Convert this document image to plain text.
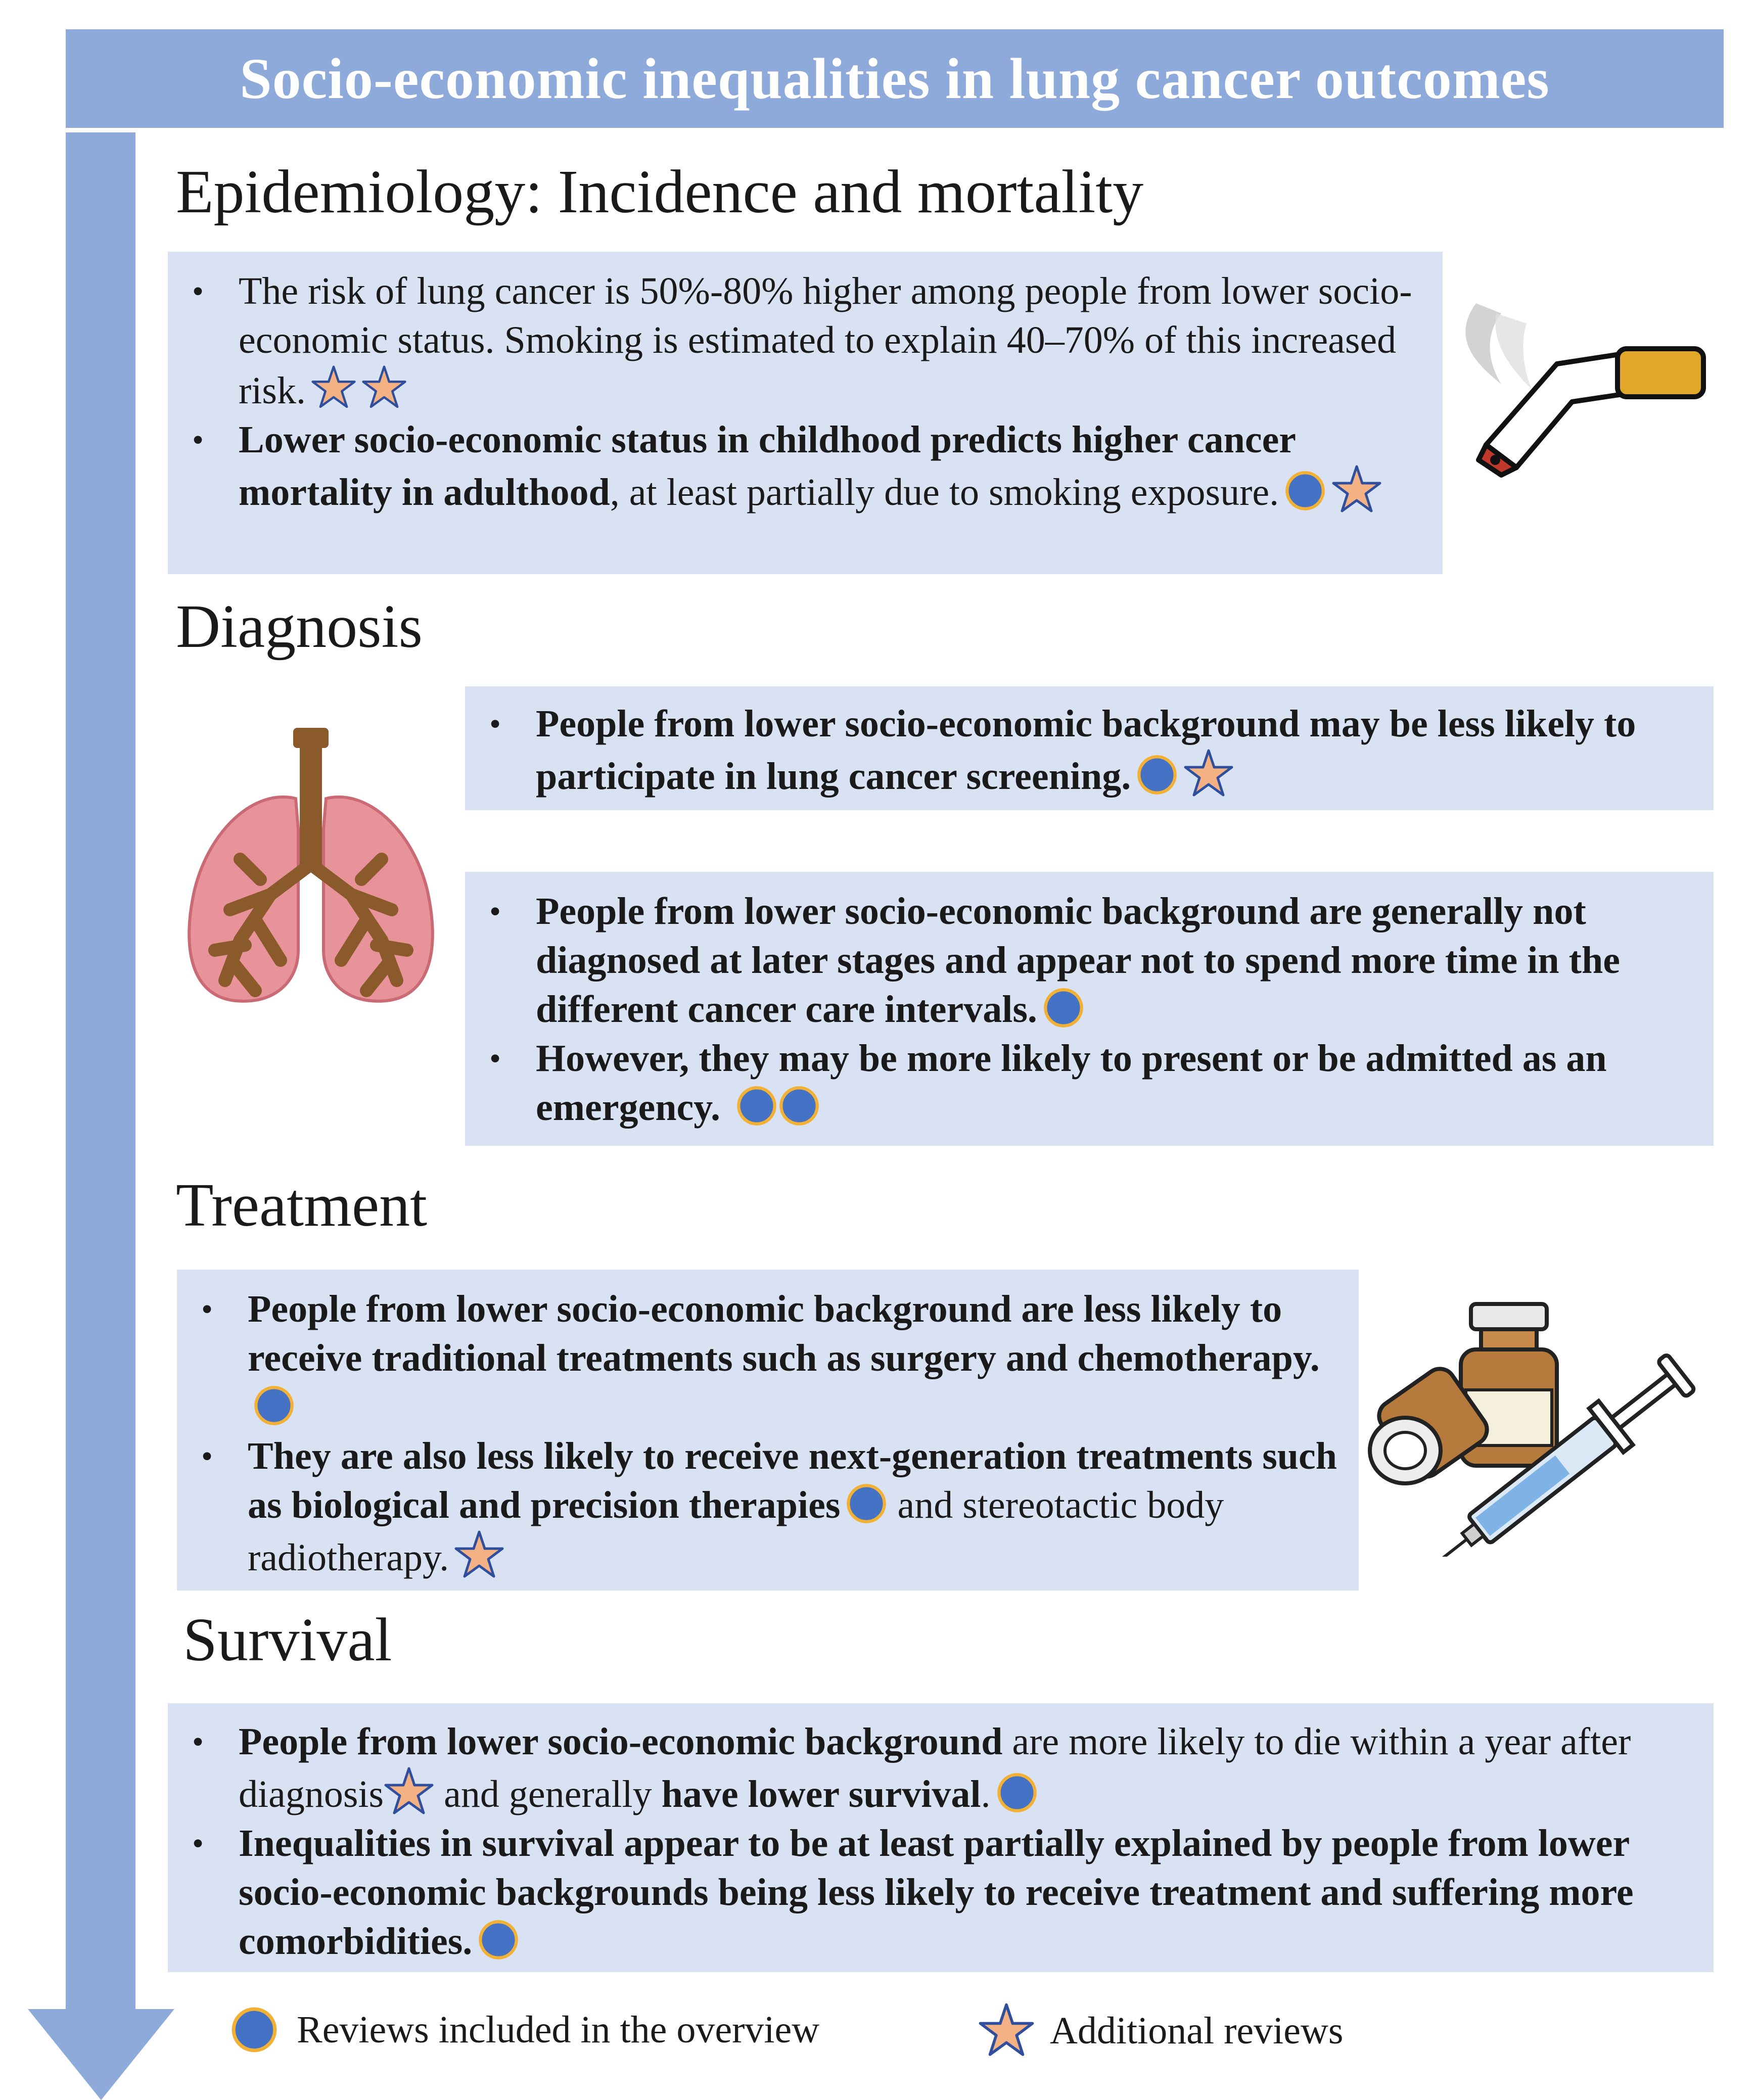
Socio-economic inequalities in lung cancer outcomes
Epidemiology: Incidence and mortality
• The risk of lung cancer is 50%-80% higher among people from lower socio-economic status. Smoking is estimated to explain 40–70% of this increased risk.
• Lower socio-economic status in childhood predicts higher cancer mortality in adulthood, at least partially due to smoking exposure.
Diagnosis
• People from lower socio-economic background may be less likely to participate in lung cancer screening.
• People from lower socio-economic background are generally not diagnosed at later stages and appear not to spend more time in the different cancer care intervals.
• However, they may be more likely to present or be admitted as an emergency.
Treatment
• People from lower socio-economic background are less likely to receive traditional treatments such as surgery and chemotherapy.
• They are also less likely to receive next-generation treatments such as biological and precision therapies and stereotactic body radiotherapy.
Survival
• People from lower socio-economic background are more likely to die within a year after diagnosis and generally have lower survival.
• Inequalities in survival appear to be at least partially explained by people from lower socio-economic backgrounds being less likely to receive treatment and suffering more comorbidities.
Reviews included in the overview	Additional reviews
